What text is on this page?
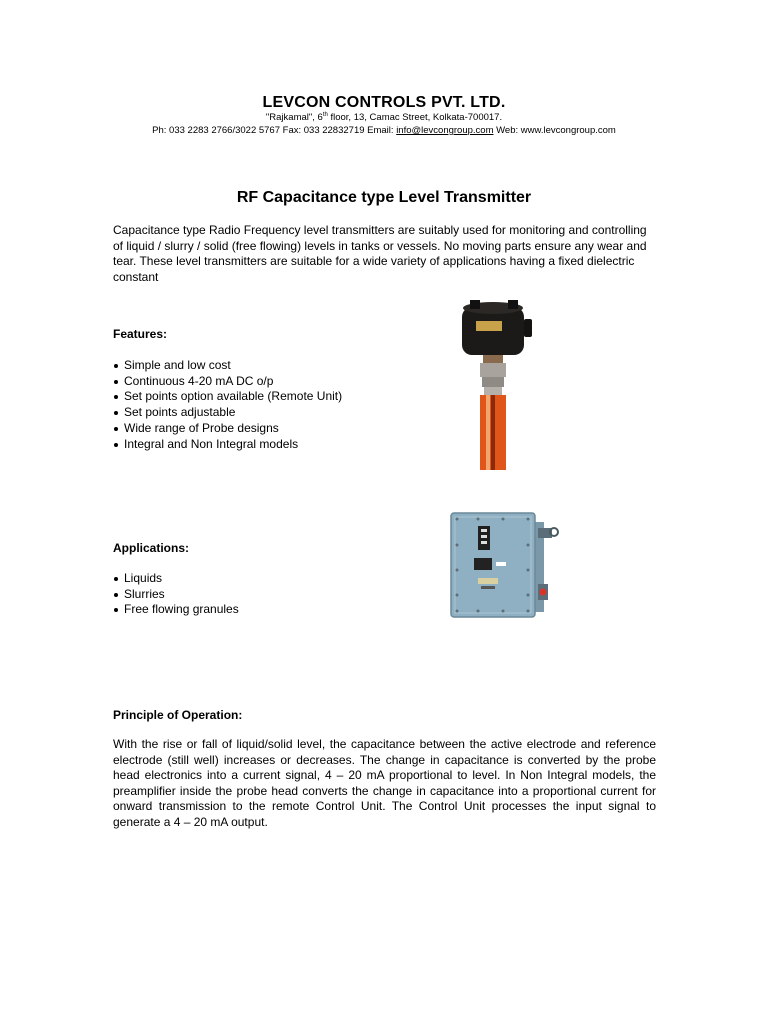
LEVCON CONTROLS PVT. LTD.
"Rajkamal", 6th floor, 13, Camac Street, Kolkata-700017.
Ph: 033 2283 2766/3022 5767 Fax: 033 22832719 Email: info@levcongroup.com Web: www.levcongroup.com
RF Capacitance type Level Transmitter
Capacitance type Radio Frequency level transmitters are suitably used for monitoring and controlling of liquid / slurry / solid (free flowing) levels in tanks or vessels. No moving parts ensure any wear and tear. These level transmitters are suitable for a wide variety of applications having a fixed dielectric constant
Features:
Simple and low cost
Continuous 4-20 mA DC o/p
Set points option available (Remote Unit)
Set points adjustable
Wide range of Probe designs
Integral and Non Integral models
Applications:
Liquids
Slurries
Free flowing granules
Principle of Operation:
With the rise or fall of liquid/solid level, the capacitance between the active electrode and reference electrode (still well) increases or decreases. The change in capacitance is converted by the probe head electronics into a current signal, 4 – 20 mA proportional to level. In Non Integral models, the preamplifier inside the probe head converts the change in capacitance into a proportional current for onward transmission to the remote Control Unit. The Control Unit processes the input signal to generate a 4 – 20 mA output.
